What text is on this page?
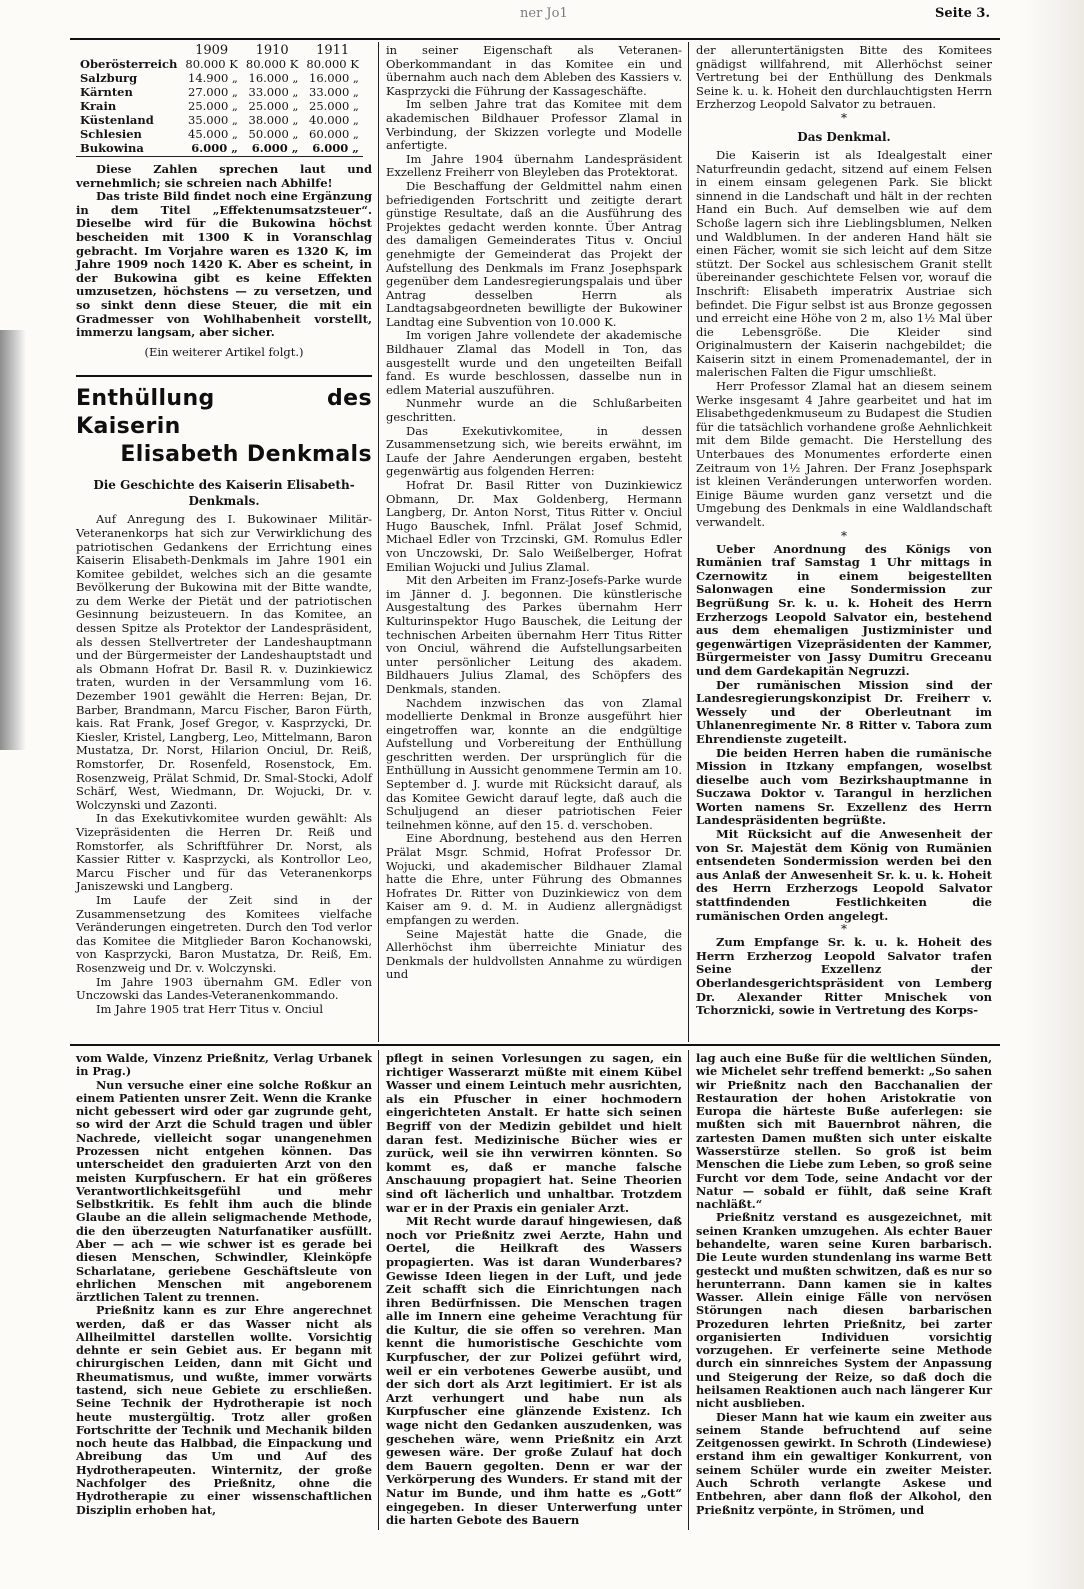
ner Jo1	Seite 3.
	1909	1910	1911
Oberösterreich	80.000 K	80.000 K	80.000 K
Salzburg	14.900 „	16.000 „	16.000 „
Kärnten	27.000 „	33.000 „	33.000 „
Krain	25.000 „	25.000 „	25.000 „
Küstenland	35.000 „	38.000 „	40.000 „
Schlesien	45.000 „	50.000 „	60.000 „
Bukowina	6.000 „	6.000 „	6.000 „

Diese Zahlen sprechen laut und vernehmlich; sie schreien nach Abhilfe!

Das triste Bild findet noch eine Ergänzung in dem Titel „Effektenumsatzsteuer“. Dieselbe wird für die Bukowina höchst bescheiden mit 1300 K in Voranschlag gebracht. Im Vorjahre waren es 1320 K, im Jahre 1909 noch 1420 K. Aber es scheint, in der Bukowina gibt es keine Effekten umzusetzen, höchstens — zu versetzen, und so sinkt denn diese Steuer, die mit ein Gradmesser von Wohlhabenheit vorstellt, immerzu langsam, aber sicher.

(Ein weiterer Artikel folgt.)

Enthüllung des Kaiserin
Elisabeth Denkmals
Die Geschichte des Kaiserin Elisabeth-Denkmals.

Auf Anregung des I. Bukowinaer Militär-Veteranenkorps hat sich zur Verwirklichung des patriotischen Gedankens der Errichtung eines Kaiserin Elisabeth-Denkmals im Jahre 1901 ein Komitee gebildet, welches sich an die gesamte Bevölkerung der Bukowina mit der Bitte wandte, zu dem Werke der Pietät und der patriotischen Gesinnung beizusteuern. In das Komitee, an dessen Spitze als Protektor der Landespräsident, als dessen Stellvertreter der Landeshauptmann und der Bürgermeister der Landeshauptstadt und als Obmann Hofrat Dr. Basil R. v. Duzinkiewicz traten, wurden in der Versammlung vom 16. Dezember 1901 gewählt die Herren: Bejan, Dr. Barber, Brandmann, Marcu Fischer, Baron Fürth, kais. Rat Frank, Josef Gregor, v. Kasprzycki, Dr. Kiesler, Kristel, Langberg, Leo, Mittelmann, Baron Mustatza, Dr. Norst, Hilarion Onciul, Dr. Reiß, Romstorfer, Dr. Rosenfeld, Rosenstock, Em. Rosenzweig, Prälat Schmid, Dr. Smal-Stocki, Adolf Schärf, West, Wiedmann, Dr. Wojucki, Dr. v. Wolczynski und Zazonti.

In das Exekutivkomitee wurden gewählt: Als Vizepräsidenten die Herren Dr. Reiß und Romstorfer, als Schriftführer Dr. Norst, als Kassier Ritter v. Kasprzycki, als Kontrollor Leo, Marcu Fischer und für das Veteranenkorps Janiszewski und Langberg.

Im Laufe der Zeit sind in der Zusammensetzung des Komitees vielfache Veränderungen eingetreten. Durch den Tod verlor das Komitee die Mitglieder Baron Kochanowski, von Kasprzycki, Baron Mustatza, Dr. Reiß, Em. Rosenzweig und Dr. v. Wolczynski.

Im Jahre 1903 übernahm GM. Edler von Unczowski das Landes-Veteranenkommando.

Im Jahre 1905 trat Herr Titus v. Onciul

in seiner Eigenschaft als Veteranen-Oberkommandant in das Komitee ein und übernahm auch nach dem Ableben des Kassiers v. Kasprzycki die Führung der Kassageschäfte.

Im selben Jahre trat das Komitee mit dem akademischen Bildhauer Professor Zlamal in Verbindung, der Skizzen vorlegte und Modelle anfertigte.

Im Jahre 1904 übernahm Landespräsident Exzellenz Freiherr von Bleyleben das Protektorat.

Die Beschaffung der Geldmittel nahm einen befriedigenden Fortschritt und zeitigte derart günstige Resultate, daß an die Ausführung des Projektes gedacht werden konnte. Über Antrag des damaligen Gemeinderates Titus v. Onciul genehmigte der Gemeinderat das Projekt der Aufstellung des Denkmals im Franz Josephspark gegenüber dem Landesregierungspalais und über Antrag desselben Herrn als Landtagsabgeordneten bewilligte der Bukowiner Landtag eine Subvention von 10.000 K.

Im vorigen Jahre vollendete der akademische Bildhauer Zlamal das Modell in Ton, das ausgestellt wurde und den ungeteilten Beifall fand. Es wurde beschlossen, dasselbe nun in edlem Material auszuführen.

Nunmehr wurde an die Schlußarbeiten geschritten.

Das Exekutivkomitee, in dessen Zusammensetzung sich, wie bereits erwähnt, im Laufe der Jahre Aenderungen ergaben, besteht gegenwärtig aus folgenden Herren:

Hofrat Dr. Basil Ritter von Duzinkiewicz Obmann, Dr. Max Goldenberg, Hermann Langberg, Dr. Anton Norst, Titus Ritter v. Onciul Hugo Bauschek, Infnl. Prälat Josef Schmid, Michael Edler von Trzcinski, GM. Romulus Edler von Unczowski, Dr. Salo Weißelberger, Hofrat Emilian Wojucki und Julius Zlamal.

Mit den Arbeiten im Franz-Josefs-Parke wurde im Jänner d. J. begonnen. Die künstlerische Ausgestaltung des Parkes übernahm Herr Kulturinspektor Hugo Bauschek, die Leitung der technischen Arbeiten übernahm Herr Titus Ritter von Onciul, während die Aufstellungsarbeiten unter persönlicher Leitung des akadem. Bildhauers Julius Zlamal, des Schöpfers des Denkmals, standen.

Nachdem inzwischen das von Zlamal modellierte Denkmal in Bronze ausgeführt hier eingetroffen war, konnte an die endgültige Aufstellung und Vorbereitung der Enthüllung geschritten werden. Der ursprünglich für die Enthüllung in Aussicht genommene Termin am 10. September d. J. wurde mit Rücksicht darauf, als das Komitee Gewicht darauf legte, daß auch die Schuljugend an dieser patriotischen Feier teilnehmen könne, auf den 15. d. verschoben.

Eine Abordnung, bestehend aus den Herren Prälat Msgr. Schmid, Hofrat Professor Dr. Wojucki, und akademischer Bildhauer Zlamal hatte die Ehre, unter Führung des Obmannes Hofrates Dr. Ritter von Duzinkiewicz von dem Kaiser am 9. d. M. in Audienz allergnädigst empfangen zu werden.

Seine Majestät hatte die Gnade, die Allerhöchst ihm überreichte Miniatur des Denkmals der huldvollsten Annahme zu würdigen und

der alleruntertänigsten Bitte des Komitees gnädigst willfahrend, mit Allerhöchst seiner Vertretung bei der Enthüllung des Denkmals Seine k. u. k. Hoheit den durchlauchtigsten Herrn Erzherzog Leopold Salvator zu betrauen.

*
Das Denkmal.

Die Kaiserin ist als Idealgestalt einer Naturfreundin gedacht, sitzend auf einem Felsen in einem einsam gelegenen Park. Sie blickt sinnend in die Landschaft und hält in der rechten Hand ein Buch. Auf demselben wie auf dem Schoße lagern sich ihre Lieblingsblumen, Nelken und Waldblumen. In der anderen Hand hält sie einen Fächer, womit sie sich leicht auf dem Sitze stützt. Der Sockel aus schlesischem Granit stellt übereinander geschichtete Felsen vor, worauf die Inschrift: Elisabeth imperatrix Austriae sich befindet. Die Figur selbst ist aus Bronze gegossen und erreicht eine Höhe von 2 m, also 1½ Mal über die Lebensgröße. Die Kleider sind Originalmustern der Kaiserin nachgebildet; die Kaiserin sitzt in einem Promenademantel, der in malerischen Falten die Figur umschließt.

Herr Professor Zlamal hat an diesem seinem Werke insgesamt 4 Jahre gearbeitet und hat im Elisabethgedenkmuseum zu Budapest die Studien für die tatsächlich vorhandene große Aehnlichkeit mit dem Bilde gemacht. Die Herstellung des Unterbaues des Monumentes erforderte einen Zeitraum von 1½ Jahren. Der Franz Josephspark ist kleinen Veränderungen unterworfen worden. Einige Bäume wurden ganz versetzt und die Umgebung des Denkmals in eine Waldlandschaft verwandelt.

*

Ueber Anordnung des Königs von Rumänien traf Samstag 1 Uhr mittags in Czernowitz in einem beigestellten Salonwagen eine Sondermission zur Begrüßung Sr. k. u. k. Hoheit des Herrn Erzherzogs Leopold Salvator ein, bestehend aus dem ehemaligen Justizminister und gegenwärtigen Vizepräsidenten der Kammer, Bürgermeister von Jassy Dumitru Greceanu und dem Gardekapitän Negruzzi.

Der rumänischen Mission sind der Landesregierungskonzipist Dr. Freiherr v. Wessely und der Oberleutnant im Uhlanenregimente Nr. 8 Ritter v. Tabora zum Ehrendienste zugeteilt.

Die beiden Herren haben die rumänische Mission in Itzkany empfangen, woselbst dieselbe auch vom Bezirkshauptmanne in Suczawa Doktor v. Tarangul in herzlichen Worten namens Sr. Exzellenz des Herrn Landespräsidenten begrüßte.

Mit Rücksicht auf die Anwesenheit der von Sr. Majestät dem König von Rumänien entsendeten Sondermission werden bei den aus Anlaß der Anwesenheit Sr. k. u. k. Hoheit des Herrn Erzherzogs Leopold Salvator stattfindenden Festlichkeiten die rumänischen Orden angelegt.

*

Zum Empfange Sr. k. u. k. Hoheit des Herrn Erzherzog Leopold Salvator trafen Seine Exzellenz der Oberlandesgerichtspräsident von Lemberg Dr. Alexander Ritter Mnischek von Tchorznicki, sowie in Vertretung des Korps-

vom Walde, Vinzenz Prießnitz, Verlag Urbanek in Prag.)

Nun versuche einer eine solche Roßkur an einem Patienten unsrer Zeit. Wenn die Kranke nicht gebessert wird oder gar zugrunde geht, so wird der Arzt die Schuld tragen und übler Nachrede, vielleicht sogar unangenehmen Prozessen nicht entgehen können. Das unterscheidet den graduierten Arzt von den meisten Kurpfuschern. Er hat ein größeres Verantwortlichkeitsgefühl und mehr Selbstkritik. Es fehlt ihm auch die blinde Glaube an die allein seligmachende Methode, die den überzeugten Naturfanatiker ausfüllt. Aber — ach — wie schwer ist es gerade bei diesen Menschen, Schwindler, Kleinköpfe Scharlatane, geriebene Geschäftsleute von ehrlichen Menschen mit angeborenem ärztlichen Talent zu trennen.

Prießnitz kann es zur Ehre angerechnet werden, daß er das Wasser nicht als Allheilmittel darstellen wollte. Vorsichtig dehnte er sein Gebiet aus. Er begann mit chirurgischen Leiden, dann mit Gicht und Rheumatismus, und wußte, immer vorwärts tastend, sich neue Gebiete zu erschließen. Seine Technik der Hydrotherapie ist noch heute mustergültig. Trotz aller großen Fortschritte der Technik und Mechanik bilden noch heute das Halbbad, die Einpackung und Abreibung das Um und Auf des Hydrotherapeuten. Winternitz, der große Nachfolger des Prießnitz, ohne die Hydrotherapie zu einer wissenschaftlichen Disziplin erhoben hat,

pflegt in seinen Vorlesungen zu sagen, ein richtiger Wasserarzt müßte mit einem Kübel Wasser und einem Leintuch mehr ausrichten, als ein Pfuscher in einer hochmodern eingerichteten Anstalt. Er hatte sich seinen Begriff von der Medizin gebildet und hielt daran fest. Medizinische Bücher wies er zurück, weil sie ihn verwirren könnten. So kommt es, daß er manche falsche Anschauung propagiert hat. Seine Theorien sind oft lächerlich und unhaltbar. Trotzdem war er in der Praxis ein genialer Arzt.

Mit Recht wurde darauf hingewiesen, daß noch vor Prießnitz zwei Aerzte, Hahn und Oertel, die Heilkraft des Wassers propagierten. Was ist daran Wunderbares? Gewisse Ideen liegen in der Luft, und jede Zeit schafft sich die Einrichtungen nach ihren Bedürfnissen. Die Menschen tragen alle im Innern eine geheime Verachtung für die Kultur, die sie offen so verehren. Man kennt die humoristische Geschichte vom Kurpfuscher, der zur Polizei geführt wird, weil er ein verbotenes Gewerbe ausübt, und der sich dort als Arzt legitimiert. Er ist als Arzt verhungert und habe nun als Kurpfuscher eine glänzende Existenz. Ich wage nicht den Gedanken auszudenken, was geschehen wäre, wenn Prießnitz ein Arzt gewesen wäre. Der große Zulauf hat doch dem Bauern gegolten. Denn er war der Verkörperung des Wunders. Er stand mit der Natur im Bunde, und ihm hatte es „Gott“ eingegeben. In dieser Unterwerfung unter die harten Gebote des Bauern

lag auch eine Buße für die weltlichen Sünden, wie Michelet sehr treffend bemerkt: „So sahen wir Prießnitz nach den Bacchanalien der Restauration der hohen Aristokratie von Europa die härteste Buße auferlegen: sie mußten sich mit Bauernbrot nähren, die zartesten Damen mußten sich unter eiskalte Wasserstürze stellen. So groß ist beim Menschen die Liebe zum Leben, so groß seine Furcht vor dem Tode, seine Andacht vor der Natur — sobald er fühlt, daß seine Kraft nachläßt.“

Prießnitz verstand es ausgezeichnet, mit seinen Kranken umzugehen. Als echter Bauer behandelte, waren seine Kuren barbarisch. Die Leute wurden stundenlang ins warme Bett gesteckt und mußten schwitzen, daß es nur so herunterrann. Dann kamen sie in kaltes Wasser. Allein einige Fälle von nervösen Störungen nach diesen barbarischen Prozeduren lehrten Prießnitz, bei zarter organisierten Individuen vorsichtig vorzugehen. Er verfeinerte seine Methode durch ein sinnreiches System der Anpassung und Steigerung der Reize, so daß doch die heilsamen Reaktionen auch nach längerer Kur nicht ausblieben.

Dieser Mann hat wie kaum ein zweiter aus seinem Stande befruchtend auf seine Zeitgenossen gewirkt. In Schroth (Lindewiese) erstand ihm ein gewaltiger Konkurrent, von seinem Schüler wurde ein zweiter Meister. Auch Schroth verlangte Askese und Entbehren, aber dann floß der Alkohol, den Prießnitz verpönte, in Strömen, und
